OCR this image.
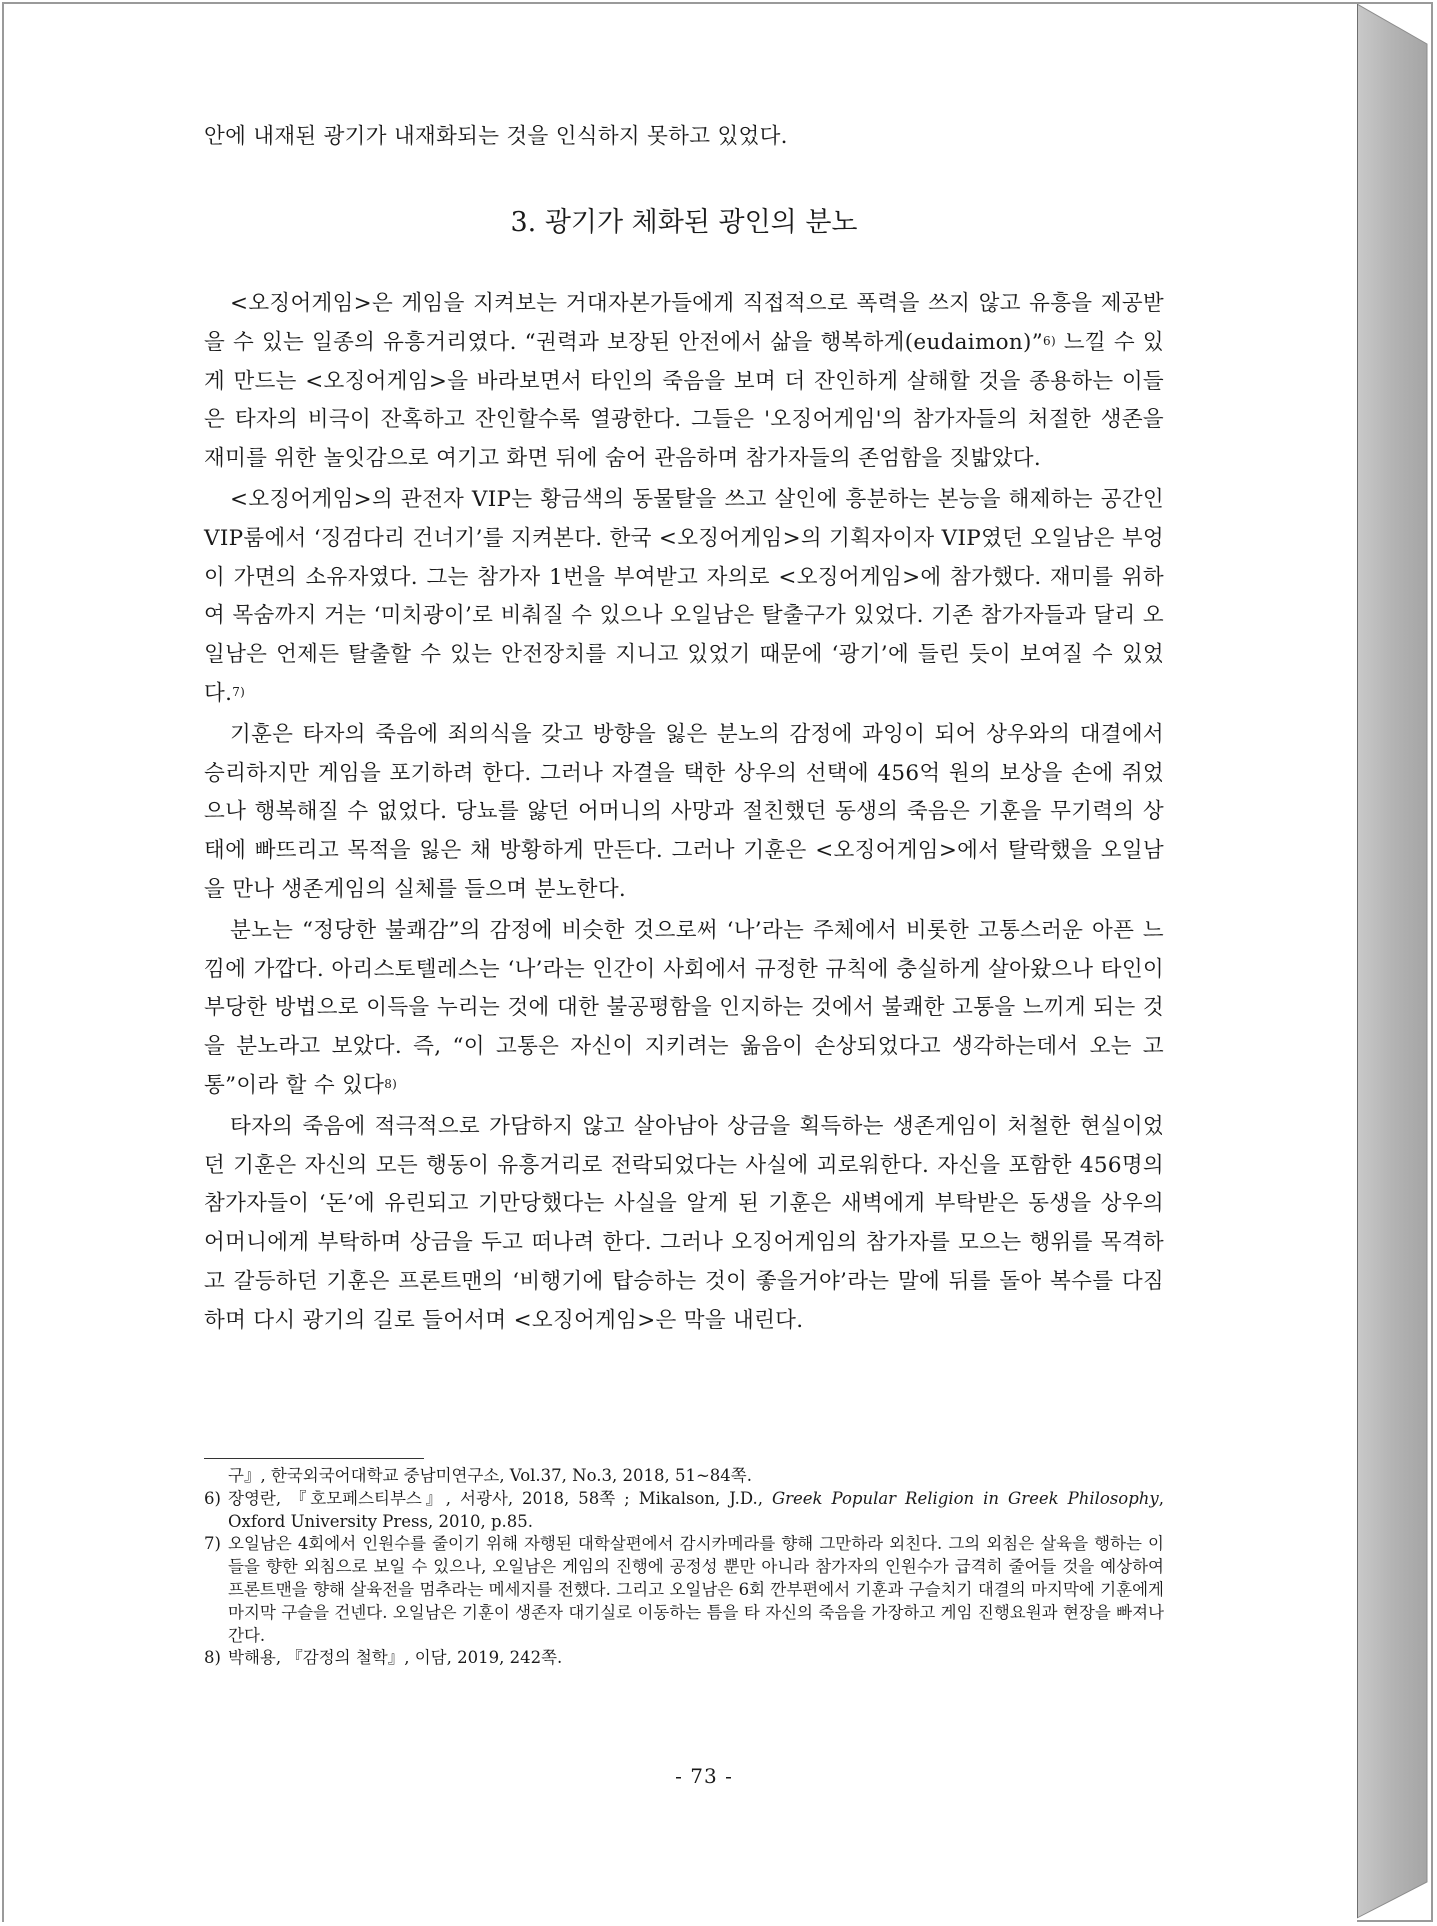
안에 내재된 광기가 내재화되는 것을 인식하지 못하고 있었다.

3. 광기가 체화된 광인의 분노

<오징어게임>은 게임을 지켜보는 거대자본가들에게 직접적으로 폭력을 쓰지 않고 유흥을 제공받을 수 있는 일종의 유흥거리였다. “권력과 보장된 안전에서 삶을 행복하게(eudaimon)”$^{6)}$ 느낄 수 있게 만드는 <오징어게임>을 바라보면서 타인의 죽음을 보며 더 잔인하게 살해할 것을 종용하는 이들은 타자의 비극이 잔혹하고 잔인할수록 열광한다. 그들은 '오징어게임'의 참가자들의 처절한 생존을 재미를 위한 놀잇감으로 여기고 화면 뒤에 숨어 관음하며 참가자들의 존엄함을 짓밟았다.

<오징어게임>의 관전자 VIP는 황금색의 동물탈을 쓰고 살인에 흥분하는 본능을 해제하는 공간인 VIP룸에서 ‘징검다리 건너기’를 지켜본다. 한국 <오징어게임>의 기획자이자 VIP였던 오일남은 부엉이 가면의 소유자였다. 그는 참가자 1번을 부여받고 자의로 <오징어게임>에 참가했다. 재미를 위하여 목숨까지 거는 ‘미치광이’로 비춰질 수 있으나 오일남은 탈출구가 있었다. 기존 참가자들과 달리 오일남은 언제든 탈출할 수 있는 안전장치를 지니고 있었기 때문에 ‘광기’에 들린 듯이 보여질 수 있었다.$^{7)}$

기훈은 타자의 죽음에 죄의식을 갖고 방향을 잃은 분노의 감정에 과잉이 되어 상우와의 대결에서 승리하지만 게임을 포기하려 한다. 그러나 자결을 택한 상우의 선택에 456억 원의 보상을 손에 쥐었으나 행복해질 수 없었다. 당뇨를 앓던 어머니의 사망과 절친했던 동생의 죽음은 기훈을 무기력의 상태에 빠뜨리고 목적을 잃은 채 방황하게 만든다. 그러나 기훈은 <오징어게임>에서 탈락했을 오일남을 만나 생존게임의 실체를 들으며 분노한다.

분노는 “정당한 불쾌감”의 감정에 비슷한 것으로써 ‘나’라는 주체에서 비롯한 고통스러운 아픈 느낌에 가깝다. 아리스토텔레스는 ‘나’라는 인간이 사회에서 규정한 규칙에 충실하게 살아왔으나 타인이 부당한 방법으로 이득을 누리는 것에 대한 불공평함을 인지하는 것에서 불쾌한 고통을 느끼게 되는 것을 분노라고 보았다. 즉, “이 고통은 자신이 지키려는 옮음이 손상되었다고 생각하는데서 오는 고통”이라 할 수 있다$^{8)}$

타자의 죽음에 적극적으로 가담하지 않고 살아남아 상금을 획득하는 생존게임이 처철한 현실이었던 기훈은 자신의 모든 행동이 유흥거리로 전락되었다는 사실에 괴로워한다. 자신을 포함한 456명의 참가자들이 ‘돈’에 유린되고 기만당했다는 사실을 알게 된 기훈은 새벽에게 부탁받은 동생을 상우의 어머니에게 부탁하며 상금을 두고 떠나려 한다. 그러나 오징어게임의 참가자를 모으는 행위를 목격하고 갈등하던 기훈은 프론트맨의 ‘비행기에 탑승하는 것이 좋을거야’라는 말에 뒤를 돌아 복수를 다짐하며 다시 광기의 길로 들어서며 <오징어게임>은 막을 내린다.

구』, 한국외국어대학교 중남미연구소, Vol.37, No.3, 2018, 51~84쪽.

6) 장영란, 『호모페스티부스』, 서광사, 2018, 58쪽 ; Mikalson, J.D., Greek Popular Religion in Greek Philosophy, Oxford University Press, 2010, p.85.
7) 오일남은 4회에서 인원수를 줄이기 위해 자행된 대학살편에서 감시카메라를 향해 그만하라 외친다. 그의 외침은 살육을 행하는 이들을 향한 외침으로 보일 수 있으나, 오일남은 게임의 진행에 공정성 뿐만 아니라 참가자의 인원수가 급격히 줄어들 것을 예상하여 프론트맨을 향해 살육전을 멈추라는 메세지를 전했다. 그리고 오일남은 6회 깐부편에서 기훈과 구슬치기 대결의 마지막에 기훈에게 마지막 구슬을 건넨다. 오일남은 기훈이 생존자 대기실로 이동하는 틈을 타 자신의 죽음을 가장하고 게임 진행요원과 현장을 빠져나간다.
8) 박해용, 『감정의 철학』, 이담, 2019, 242쪽.
- 73 -
